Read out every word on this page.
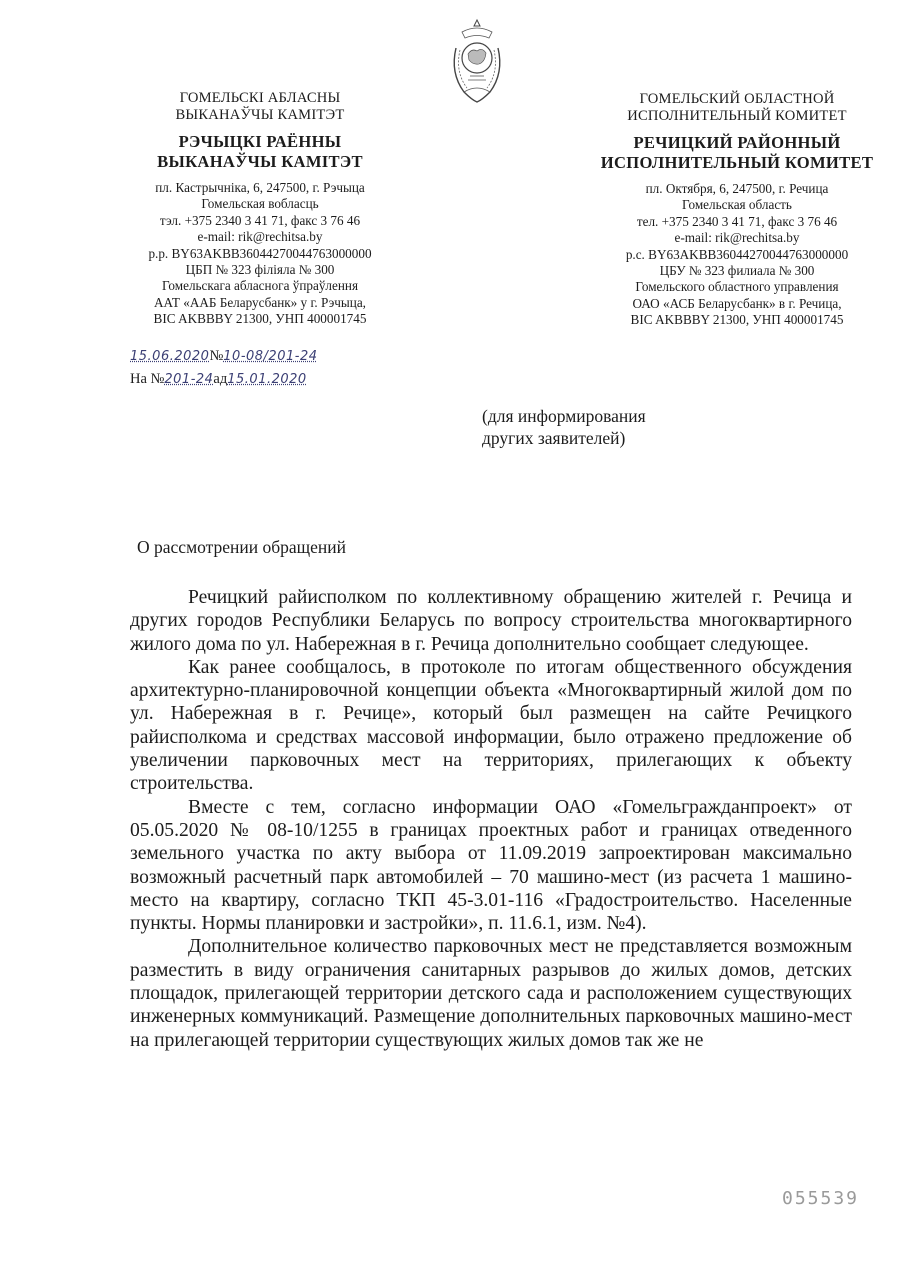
ГОМЕЛЬСКІ АБЛАСНЫ
ВЫКАНАЎЧЫ КАМІТЭТ
РЭЧЫЦКІ РАЁННЫ
ВЫКАНАЎЧЫ КАМІТЭТ
пл. Кастрычніка, 6, 247500, г. Рэчыца
Гомельская вобласць
тэл. +375 2340 3 41 71, факс 3 76 46
e-mail: rik@rechitsa.by
р.р. BY63AKBB36044270044763000000
ЦБП № 323 філіяла № 300
Гомельскага абласнога ўпраўлення
ААТ «ААБ Беларусбанк» у г. Рэчыца,
BIC AKBBBY 21300, УНП 400001745
ГОМЕЛЬСКИЙ ОБЛАСТНОЙ
ИСПОЛНИТЕЛЬНЫЙ КОМИТЕТ
РЕЧИЦКИЙ РАЙОННЫЙ
ИСПОЛНИТЕЛЬНЫЙ КОМИТЕТ
пл. Октября, 6, 247500, г. Речица
Гомельская область
тел. +375 2340 3 41 71, факс 3 76 46
e-mail: rik@rechitsa.by
р.с. BY63AKBB36044270044763000000
ЦБУ № 323 филиала № 300
Гомельского областного управления
ОАО «АСБ Беларусбанк» в г. Речица,
BIC AKBBBY 21300, УНП 400001745
15.06.2020№10-08/201-24
На №201-24ад15.01.2020
(для информирования
других заявителей)
О рассмотрении обращений

Речицкий райисполком по коллективному обращению жителей г. Речица и других городов Республики Беларусь по вопросу строительства многоквартирного жилого дома по ул. Набережная в г. Речица дополнительно сообщает следующее.

Как ранее сообщалось, в протоколе по итогам общественного обсуждения архитектурно-планировочной концепции объекта «Многоквартирный жилой дом по ул. Набережная в г. Речице», который был размещен на сайте Речицкого райисполкома и средствах массовой информации, было отражено предложение об увеличении парковочных мест на территориях, прилегающих к объекту строительства.

Вместе с тем, согласно информации ОАО «Гомельгражданпроект» от 05.05.2020 № 08-10/1255 в границах проектных работ и границах отведенного земельного участка по акту выбора от 11.09.2019 запроектирован максимально возможный расчетный парк автомобилей – 70 машино-мест (из расчета 1 машино-место на квартиру, согласно ТКП 45-3.01-116 «Градостроительство. Населенные пункты. Нормы планировки и застройки», п. 11.6.1, изм. №4).

Дополнительное количество парковочных мест не представляется возможным разместить в виду ограничения санитарных разрывов до жилых домов, детских площадок, прилегающей территории детского сада и расположением существующих инженерных коммуникаций. Размещение дополнительных парковочных машино-мест на прилегающей территории существующих жилых домов так же не

055539
